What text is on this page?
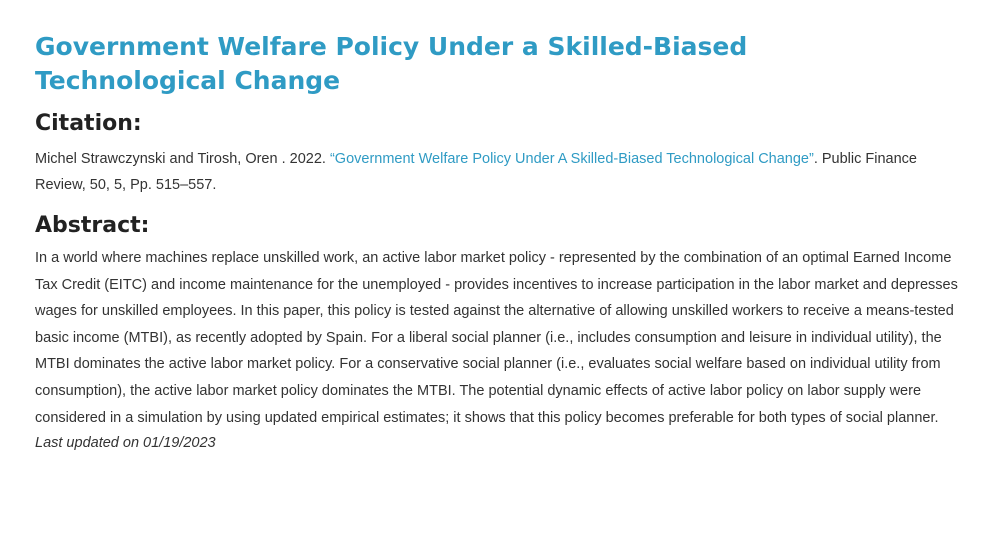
Government Welfare Policy Under a Skilled-Biased Technological Change
Citation:

Michel Strawczynski and Tirosh, Oren . 2022. “Government Welfare Policy Under A Skilled-Biased Technological Change”. Public Finance Review, 50, 5, Pp. 515–557.

Abstract:

In a world where machines replace unskilled work, an active labor market policy - represented by the combination of an optimal Earned Income Tax Credit (EITC) and income maintenance for the unemployed - provides incentives to increase participation in the labor market and depresses wages for unskilled employees. In this paper, this policy is tested against the alternative of allowing unskilled workers to receive a means-tested basic income (MTBI), as recently adopted by Spain. For a liberal social planner (i.e., includes consumption and leisure in individual utility), the MTBI dominates the active labor market policy. For a conservative social planner (i.e., evaluates social welfare based on individual utility from consumption), the active labor market policy dominates the MTBI. The potential dynamic effects of active labor policy on labor supply were considered in a simulation by using updated empirical estimates; it shows that this policy becomes preferable for both types of social planner.

Last updated on 01/19/2023
